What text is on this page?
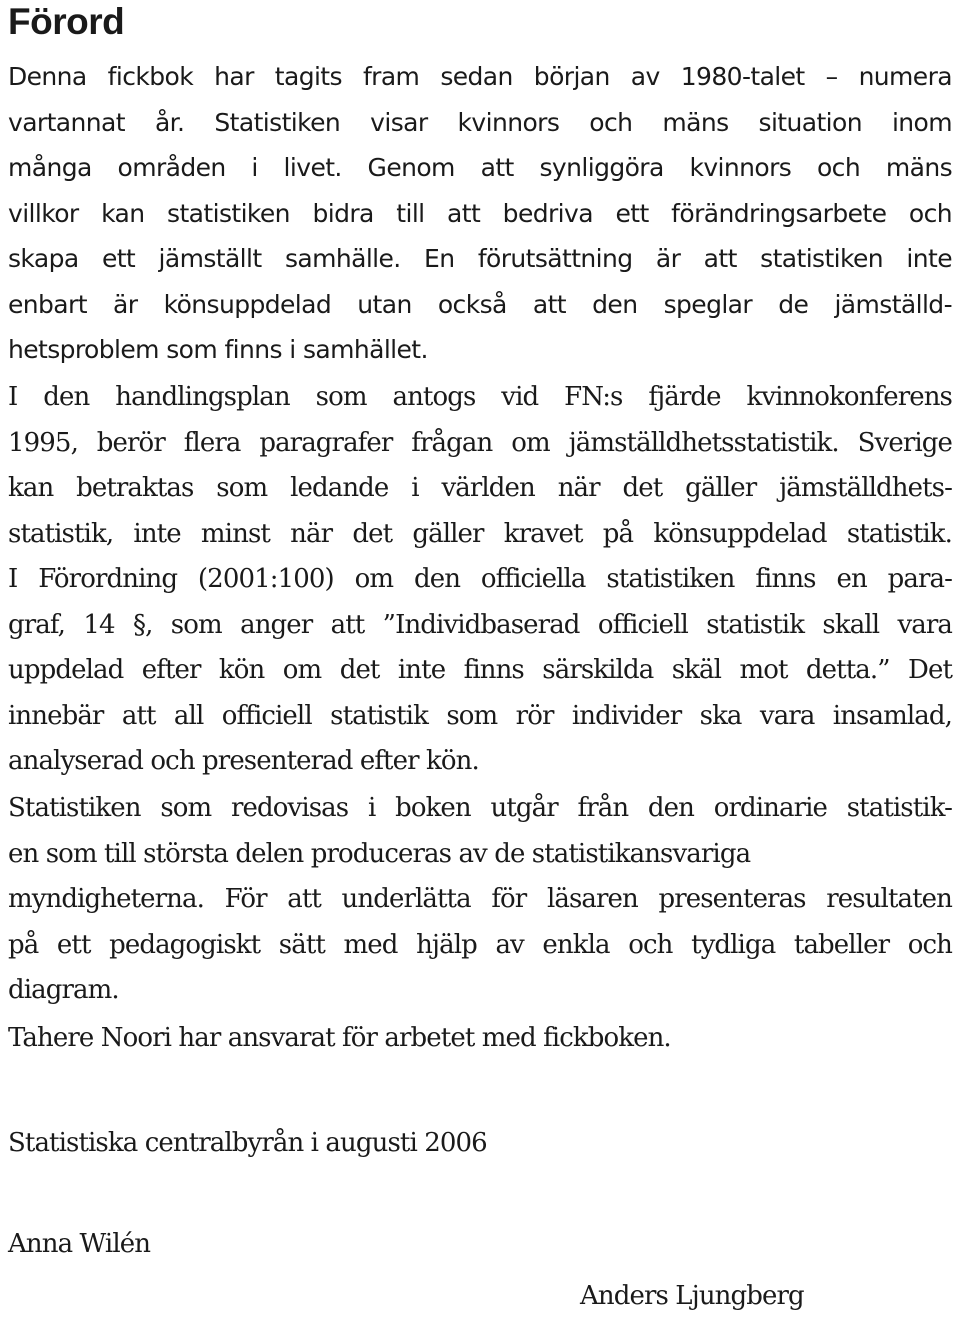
Förord
Denna fickbok har tagits fram sedan början av 1980-talet – numera
vartannat år. Statistiken visar kvinnors och mäns situation inom
många områden i livet. Genom att synliggöra kvinnors och mäns
villkor kan statistiken bidra till att bedriva ett förändringsarbete och
skapa ett jämställt samhälle. En förutsättning är att statistiken inte
enbart är könsuppdelad utan också att den speglar de jämställd-
hetsproblem som finns i samhället.
I den handlingsplan som antogs vid FN:s fjärde kvinnokonferens
1995, berör flera paragrafer frågan om jämställdhetsstatistik. Sverige
kan betraktas som ledande i världen när det gäller jämställdhets-
statistik, inte minst när det gäller kravet på könsuppdelad statistik.
I Förordning (2001:100) om den officiella statistiken finns en para-
graf, 14 §, som anger att ”Individbaserad officiell statistik skall vara
uppdelad efter kön om det inte finns särskilda skäl mot detta.” Det
innebär att all officiell statistik som rör individer ska vara insamlad,
analyserad och presenterad efter kön.
Statistiken som redovisas i boken utgår från den ordinarie statistik-
en som till största delen produceras av de statistikansvariga
myndigheterna. För att underlätta för läsaren presenteras resultaten
på ett pedagogiskt sätt med hjälp av enkla och tydliga tabeller och
diagram.
Tahere Noori har ansvarat för arbetet med fickboken.

Statistiska centralbyrån i augusti 2006

Anna Wilén

Anders Ljungberg
